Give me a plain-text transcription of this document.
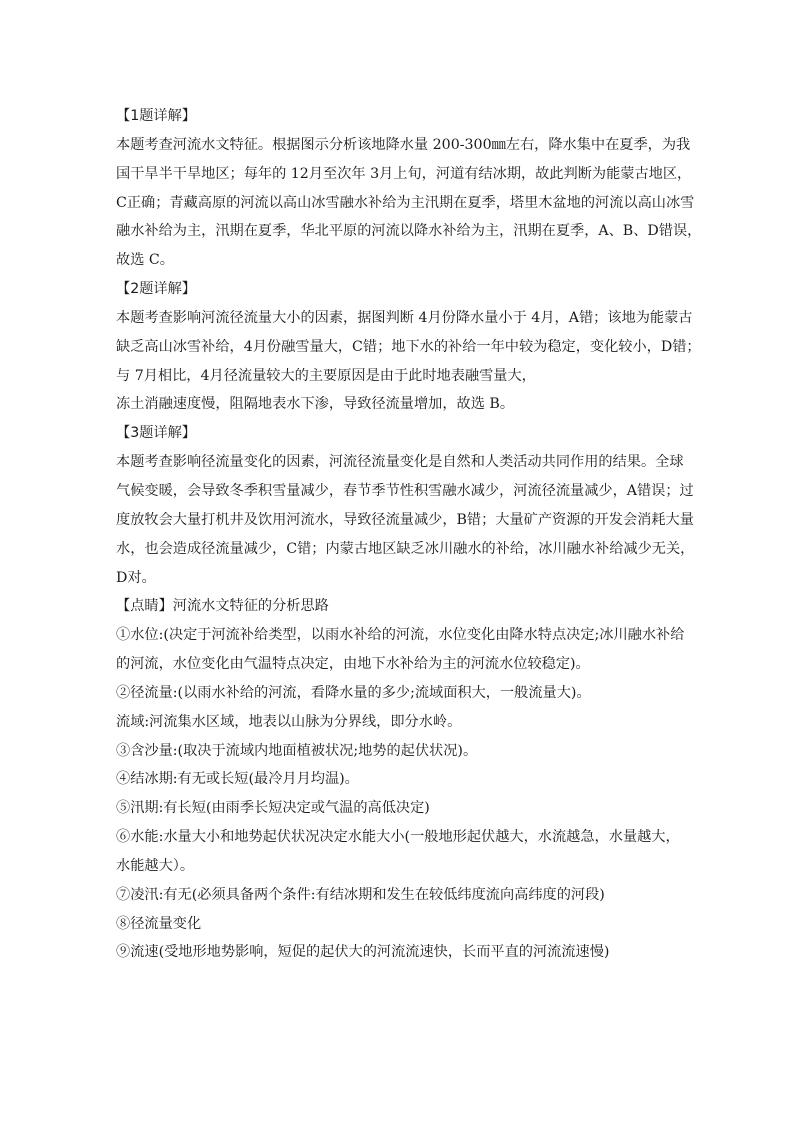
【1题详解】
本题考查河流水文特征。根据图示分析该地降水量 200-300㎜左右，降水集中在夏季，为我
国干旱半干旱地区；每年的 12月至次年 3月上旬，河道有结冰期，故此判断为能蒙古地区，
C正确；青藏高原的河流以高山冰雪融水补给为主汛期在夏季，塔里木盆地的河流以高山冰雪
融水补给为主，汛期在夏季，华北平原的河流以降水补给为主，汛期在夏季，A、B、D错误，
故选 C。
【2题详解】
本题考查影响河流径流量大小的因素，据图判断 4月份降水量小于 4月，A错；该地为能蒙古
缺乏高山冰雪补给，4月份融雪量大，C错；地下水的补给一年中较为稳定，变化较小，D错；
与 7月相比，4月径流量较大的主要原因是由于此时地表融雪量大，
冻土消融速度慢，阻隔地表水下渗，导致径流量增加，故选 B。
【3题详解】
本题考查影响径流量变化的因素，河流径流量变化是自然和人类活动共同作用的结果。全球
气候变暖，会导致冬季积雪量减少，春节季节性积雪融水减少，河流径流量减少，A错误；过
度放牧会大量打机井及饮用河流水，导致径流量减少，B错；大量矿产资源的开发会消耗大量
水，也会造成径流量减少，C错；内蒙古地区缺乏冰川融水的补给，冰川融水补给减少无关，
D对。
【点睛】河流水文特征的分析思路
①水位:(决定于河流补给类型，以雨水补给的河流，水位变化由降水特点决定;冰川融水补给
的河流，水位变化由气温特点决定，由地下水补给为主的河流水位较稳定)。
②径流量:(以雨水补给的河流，看降水量的多少;流域面积大，一般流量大)。
流域:河流集水区域，地表以山脉为分界线，即分水岭。
③含沙量:(取决于流域内地面植被状况;地势的起伏状况)。
④结冰期:有无或长短(最冷月月均温)。
⑤汛期:有长短(由雨季长短决定或气温的高低决定)
⑥水能:水量大小和地势起伏状况决定水能大小(一般地形起伏越大，水流越急，水量越大，
水能越大）。
⑦凌汛:有无(必须具备两个条件:有结冰期和发生在较低纬度流向高纬度的河段)
⑧径流量变化
⑨流速(受地形地势影响，短促的起伏大的河流流速快，长而平直的河流流速慢)
